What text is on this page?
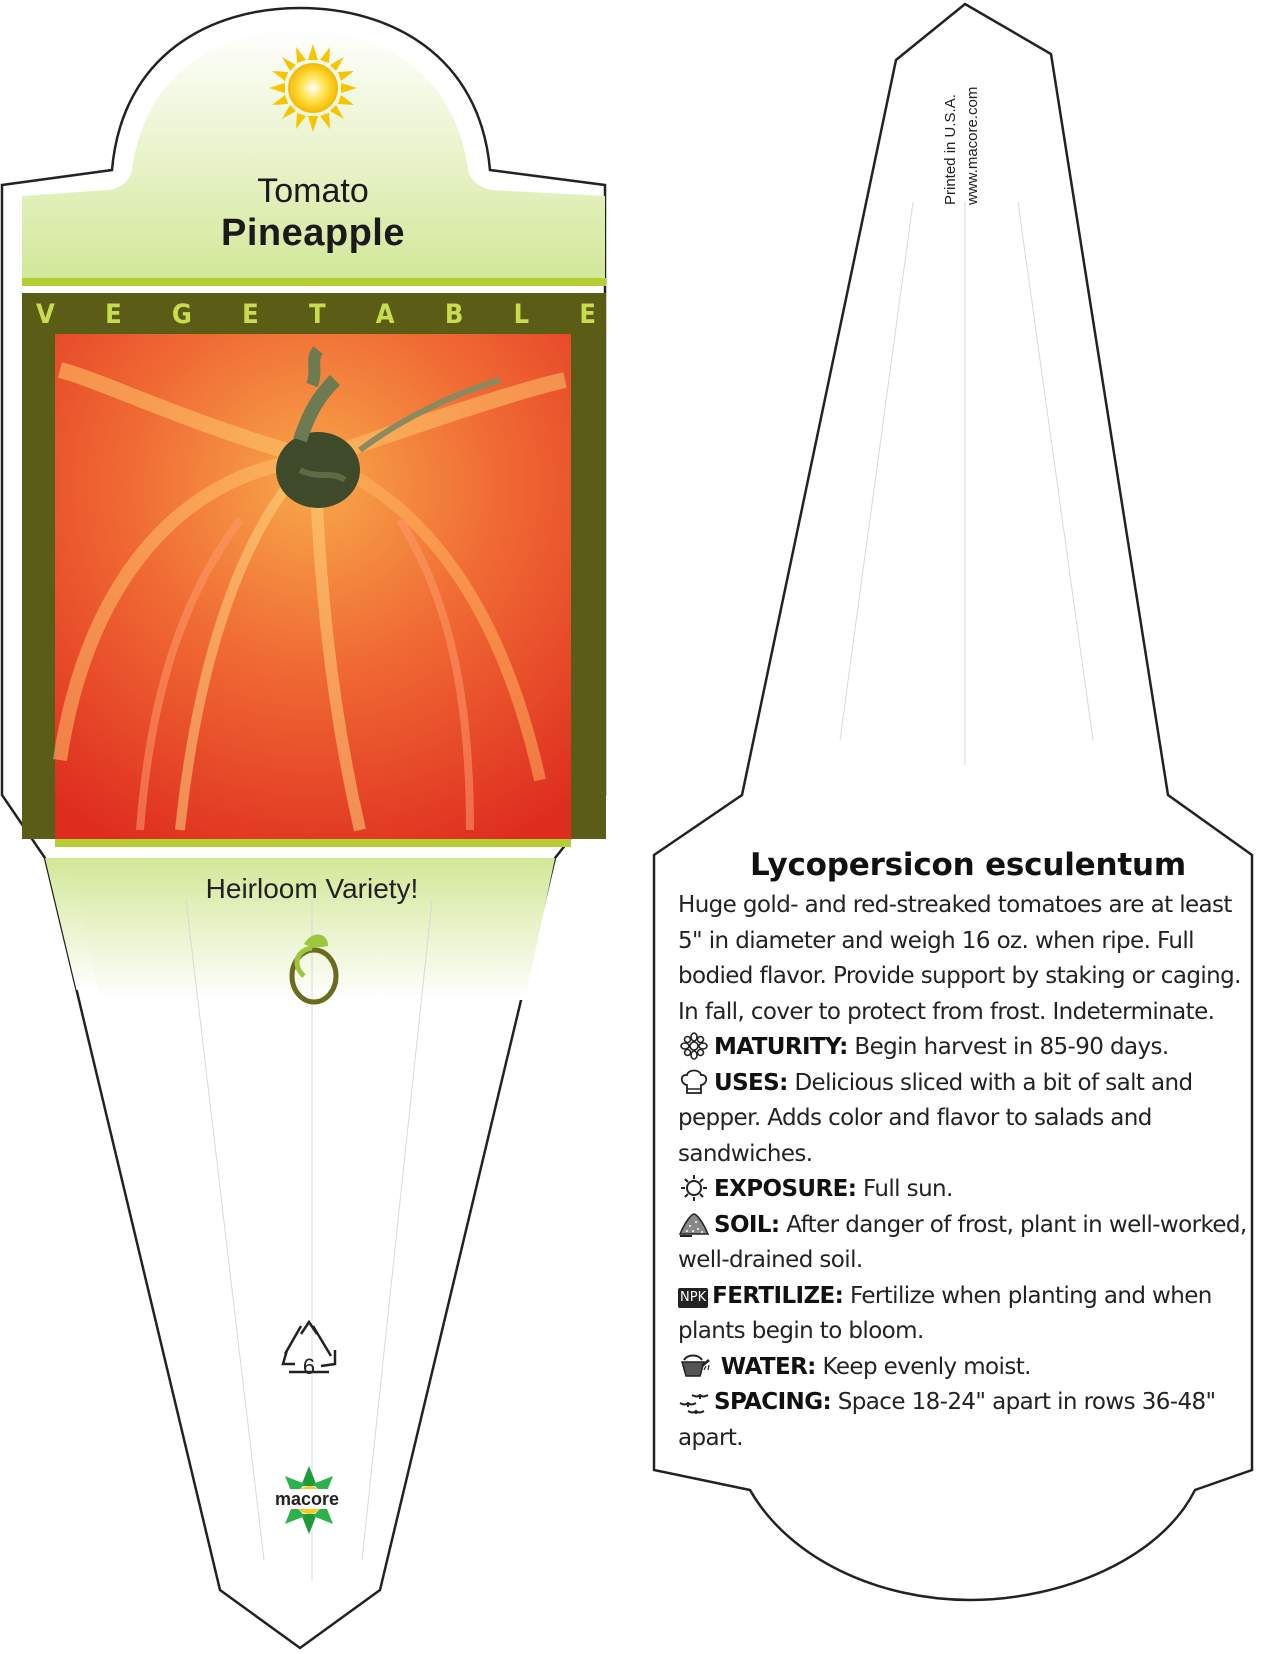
Tomato
Pineapple
V E G E T A B L E
Heirloom Variety!
6
macore
Printed in U.S.A. www.macore.com
Lycopersicon esculentum

Huge gold- and red-streaked tomatoes are at least 5" in diameter and weigh 16 oz. when ripe. Full bodied flavor. Provide support by staking or caging. In fall, cover to protect from frost. Indeterminate.

MATURITY: Begin harvest in 85-90 days.

USES: Delicious sliced with a bit of salt and pepper. Adds color and flavor to salads and sandwiches.

EXPOSURE: Full sun.

SOIL: After danger of frost, plant in well-worked, well-drained soil.

NPK FERTILIZE: Fertilize when planting and when plants begin to bloom.

WATER: Keep evenly moist.

SPACING: Space 18-24" apart in rows 36-48" apart.
